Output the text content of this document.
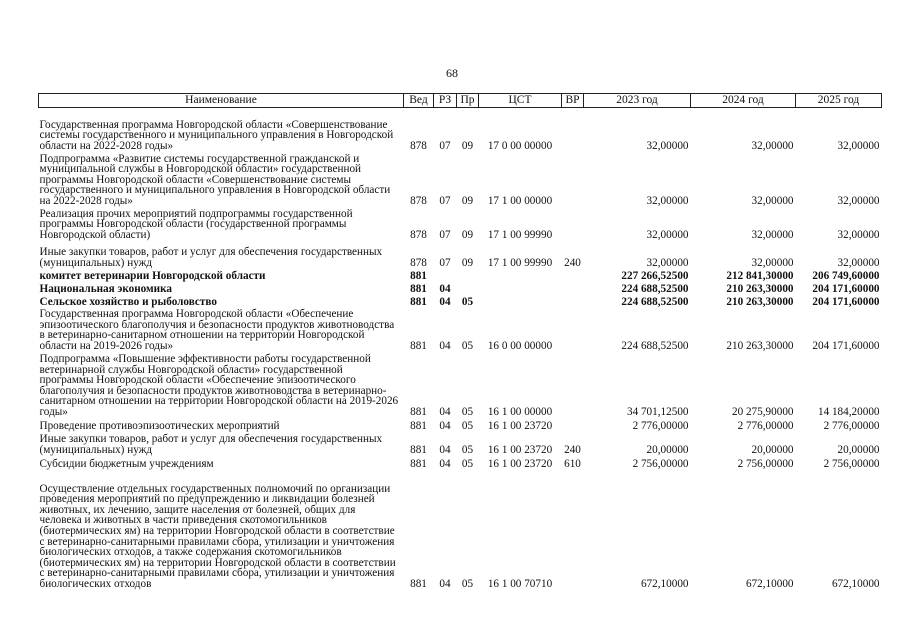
68
Наименование	Вед	РЗ	Пр	ЦСТ	ВР	2023 год	2024 год	2025 год
Государственная программа Новгородской области «Совершенствование системы государственного и муниципального управления в Новгородской области на 2022-2028 годы»	878	07	09	17 0 00 00000		32,00000	32,00000	32,00000
Подпрограмма «Развитие системы государственной гражданской и муниципальной службы в Новгородской области» государственной программы Новгородской области «Совершенствование системы государственного и муниципального управления в Новгородской области на 2022-2028 годы»	878	07	09	17 1 00 00000		32,00000	32,00000	32,00000
Реализация прочих мероприятий подпрограммы государственной программы Новгородской области (государственной программы Новгородской области)	878	07	09	17 1 00 99990		32,00000	32,00000	32,00000
Иные закупки товаров, работ и услуг для обеспечения государственных (муниципальных) нужд	878	07	09	17 1 00 99990	240	32,00000	32,00000	32,00000
комитет ветеринарии Новгородской области	881					227 266,52500	212 841,30000	206 749,60000
Национальная экономика	881	04				224 688,52500	210 263,30000	204 171,60000
Сельское хозяйство и рыболовство	881	04	05			224 688,52500	210 263,30000	204 171,60000
Государственная программа Новгородской области «Обеспечение эпизоотического благополучия и безопасности продуктов животноводства в ветеринарно-санитарном отношении на территории Новгородской области на 2019-2026 годы»	881	04	05	16 0 00 00000		224 688,52500	210 263,30000	204 171,60000
Подпрограмма «Повышение эффективности работы государственной ветеринарной службы Новгородской области» государственной программы Новгородской области «Обеспечение эпизоотического благополучия и безопасности продуктов животноводства в ветеринарно-санитарном отношении на территории Новгородской области на 2019-2026 годы»	881	04	05	16 1 00 00000		34 701,12500	20 275,90000	14 184,20000
Проведение противоэпизоотических мероприятий	881	04	05	16 1 00 23720		2 776,00000	2 776,00000	2 776,00000
Иные закупки товаров, работ и услуг для обеспечения государственных (муниципальных) нужд	881	04	05	16 1 00 23720	240	20,00000	20,00000	20,00000
Субсидии бюджетным учреждениям	881	04	05	16 1 00 23720	610	2 756,00000	2 756,00000	2 756,00000
Осуществление отдельных государственных полномочий по организации проведения мероприятий по предупреждению и ликвидации болезней животных, их лечению, защите населения от болезней, общих для человека и животных в части приведения скотомогильников (биотермических ям) на территории Новгородской области в соответствие с ветеринарно-санитарными правилами сбора, утилизации и уничтожения биологических отходов, а также содержания скотомогильников (биотермических ям) на территории Новгородской области в соответствии с ветеринарно-санитарными правилами сбора, утилизации и уничтожения биологических отходов	881	04	05	16 1 00 70710		672,10000	672,10000	672,10000
